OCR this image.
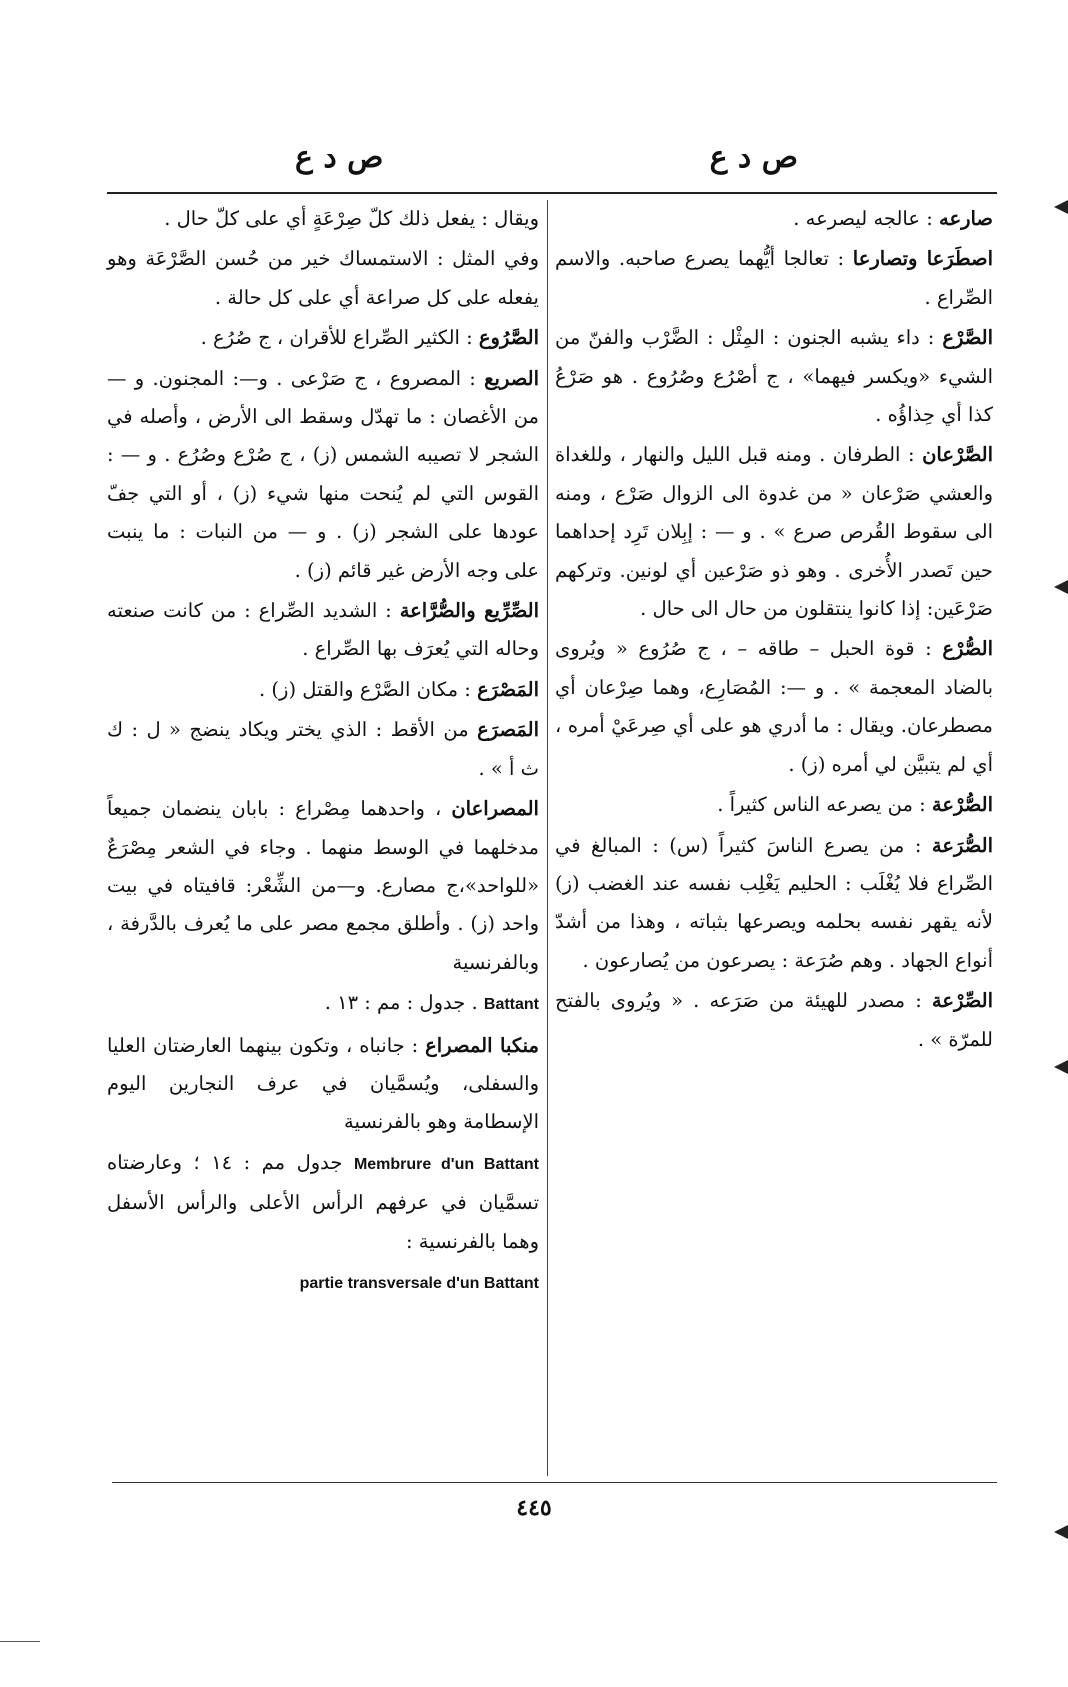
ص د ع
ص د ع

صارعه : عالجه ليصرعه .

اصطَرَعا وتصارعا : تعالجا أيُّهما يصرع صاحبه. والاسم الصِّراع .

الصَّرْع : داء يشبه الجنون : المِثْل : الضَّرْب والفنّ من الشيء «ويكسر فيهما» ، ج أصْرُع وصُرُوع . هو صَرْعُ كذا أي حِذاؤُه .

الصَّرْعان : الطرفان . ومنه قبل الليل والنهار ، وللغداة والعشي صَرْعان « من غدوة الى الزوال صَرْع ، ومنه الى سقوط القُرص صرع » . و — : إبِلان تَرِد إحداهما حين تَصدر الأُخرى . وهو ذو صَرْعين أي لونين. وتركهم صَرْعَين: إذا كانوا ينتقلون من حال الى حال .

الصُّرْع : قوة الحبل – طاقه – ، ج صُرُوع « ويُروى بالضاد المعجمة » . و —: المُصَارِع، وهما صِرْعان أي مصطرعان. ويقال : ما أدري هو على أي صِرعَيْ أمره ، أي لم يتبيَّن لي أمره (ز) .

الصُّرْعة : من يصرعه الناس كثيراً .

الصُّرَعة : من يصرع الناسَ كثيراً (س) : المبالغ في الصِّراع فلا يُغْلَب : الحليم يَغْلِب نفسه عند الغضب (ز) لأنه يقهر نفسه بحلمه ويصرعها بثباته ، وهذا من أشدّ أنواع الجهاد . وهم صُرَعة : يصرعون من يُصارعون .

الصِّرْعة : مصدر للهيئة من صَرَعه . « ويُروى بالفتح للمرّة » .

ويقال : يفعل ذلك كلّ صِرْعَةٍ أي على كلّ حال .

وفي المثل : الاستمساك خير من حُسن الصَّرْعَة وهو يفعله على كل صراعة أي على كل حالة .

الصَّرُوع : الكثير الصِّراع للأقران ، ج صُرُع .

الصريع : المصروع ، ج صَرْعى . و—: المجنون. و — من الأغصان : ما تهدّل وسقط الى الأرض ، وأصله في الشجر لا تصيبه الشمس (ز) ، ج صُرْع وصُرُع . و — : القوس التي لم يُنحت منها شيء (ز) ، أو التي جفّ عودها على الشجر (ز) . و — من النبات : ما ينبت على وجه الأرض غير قائم (ز) .

الصِّرِّيع والصُّرَّاعة : الشديد الصِّراع : من كانت صنعته وحاله التي يُعرَف بها الصِّراع .

المَصْرَع : مكان الصَّرْع والقتل (ز) .

المَصرَع من الأقط : الذي يختر ويكاد ينضج « ل : ك ث أ » .

المصراعان ، واحدهما مِصْراع : بابان ينضمان جميعاً مدخلهما في الوسط منهما . وجاء في الشعر مِصْرَعٌ «للواحد»،ج مصارع. و—من الشِّعْر: قافيتاه في بيت واحد (ز) . وأطلق مجمع مصر على ما يُعرف بالدَّرفة ، وبالفرنسية

Battant . جدول : مم : ١٣ .

منكبا المصراع : جانباه ، وتكون بينهما العارضتان العليا والسفلى، ويُسمَّيان في عرف النجارين اليوم الإسطامة وهو بالفرنسية

Membrure d'un Battant جدول مم : ١٤ ؛ وعارضتاه تسمَّيان في عرفهم الرأس الأعلى والرأس الأسفل وهما بالفرنسية :

partie transversale d'un Battant

٤٤٥
